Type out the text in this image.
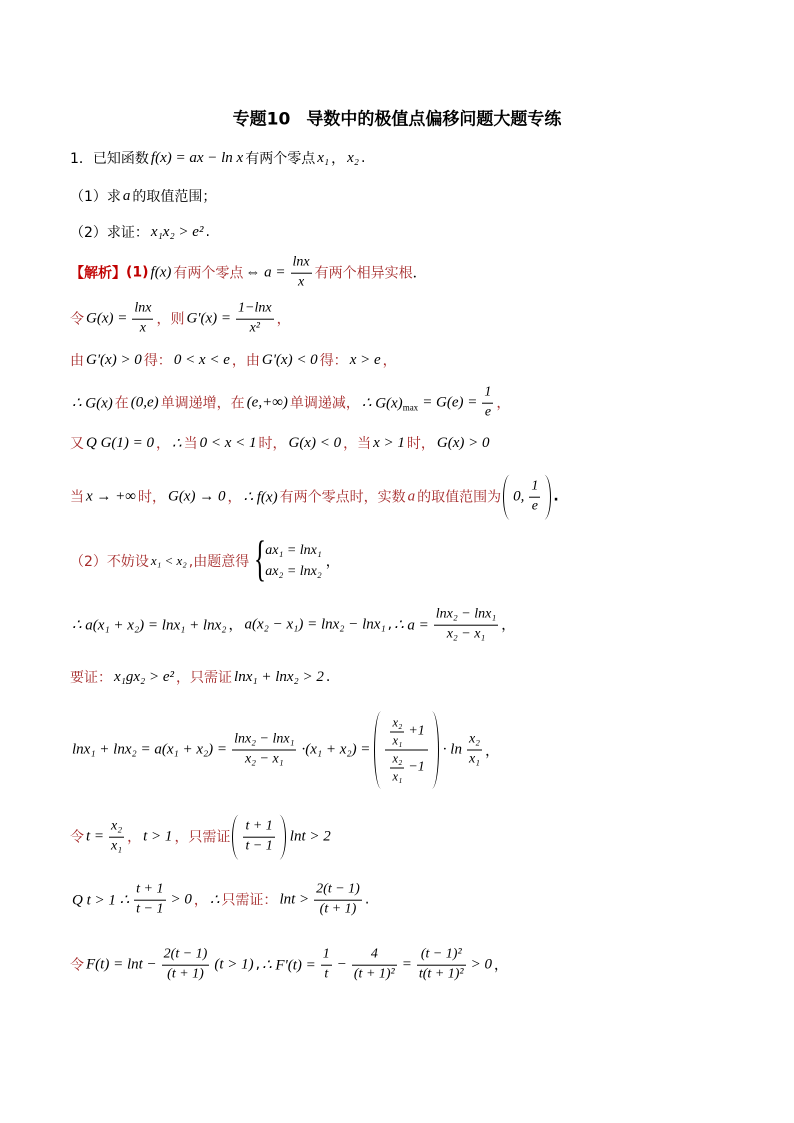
专题10 导数中的极值点偏移问题大题专练
1．已知函数 f(x) = ax − ln x 有两个零点 x₁ ， x₂ .
（1）求 a 的取值范围；
（2）求证： x₁x₂ > e² .
【解析】 (1) f(x) 有两个零点 ⇔ $a = \frac{\ln x}{x}$ 有两个相异实根 ．
令 $G(x) = \frac{\ln x}{x}$ ，则 $G'(x) = \frac{1-\ln x}{\text{x²}}$ ，
由 G'(x) > 0 得： 0 < x < e ，由 G'(x) < 0 得： x > e ，
∴ G(x) 在 (0,e) 单调递增，在 (e,+∞) 单调递减， ∴ $G(x)_{max} = G(e) = \frac{1}{e}$ ，
又 Q G(1) = 0 ， ∴ 当 0 < x < 1 时， G(x) < 0 ，当 x > 1 时， G(x) > 0
当 x → +∞ 时， G(x) → 0 ， ∴ f(x) 有两个零点时，实数 a 的取值范围为 0, $\frac{1}{e}$ .
（2）不妨设 x₁ < x₂ ,由题意得 { ax₁ = lnx₁
ax₂ = lnx₂
，
∴ a(x₁ + x₂) = lnx₁ + lnx₂ ， a(x₂ − x₁) = lnx₂ − lnx₁ , ∴ $a = \frac{\text{lnx₂ − lnx₁}}{\text{x₂ − x₁}}$ ，
要证： x₁gx₂ > e² ，只需证 lnx₁ + lnx₂ > 2 .
$\ln x_1 + \ln x_2 = a(x_1 + x_2) = \frac{\text{lnx₂ − lnx₁}}{\text{x₂ − x₁}} \cdot(x_1 + x_2) = \frac{\frac{\text{x₂}}{\text{x₁}} +1}{\frac{\text{x₂}}{\text{x₁}} -1} \cdot \ln \frac{\text{x₂}}{\text{x₁}}$ ，
令 $t = \frac{\text{x₂}}{\text{x₁}}$ ， t > 1 ，只需证 $\frac{t + 1}{t - 1}$ lnt > 2
Q t > 1 ∴ $\frac{t + 1}{t - 1} > 0$ ， ∴ 只需证： $\ln t > \frac{2(t - 1)}{(t + 1)}$ .
令 $F(t) = \ln t - \frac{2(t - 1)}{(t + 1)} (t > 1)$ , ∴ $F'(t) = \frac{1}{t} - \frac{4}{\text{(t + 1)²}} = \frac{\text{(t − 1)²}}{\text{t(t + 1)²}} > 0$ ，
